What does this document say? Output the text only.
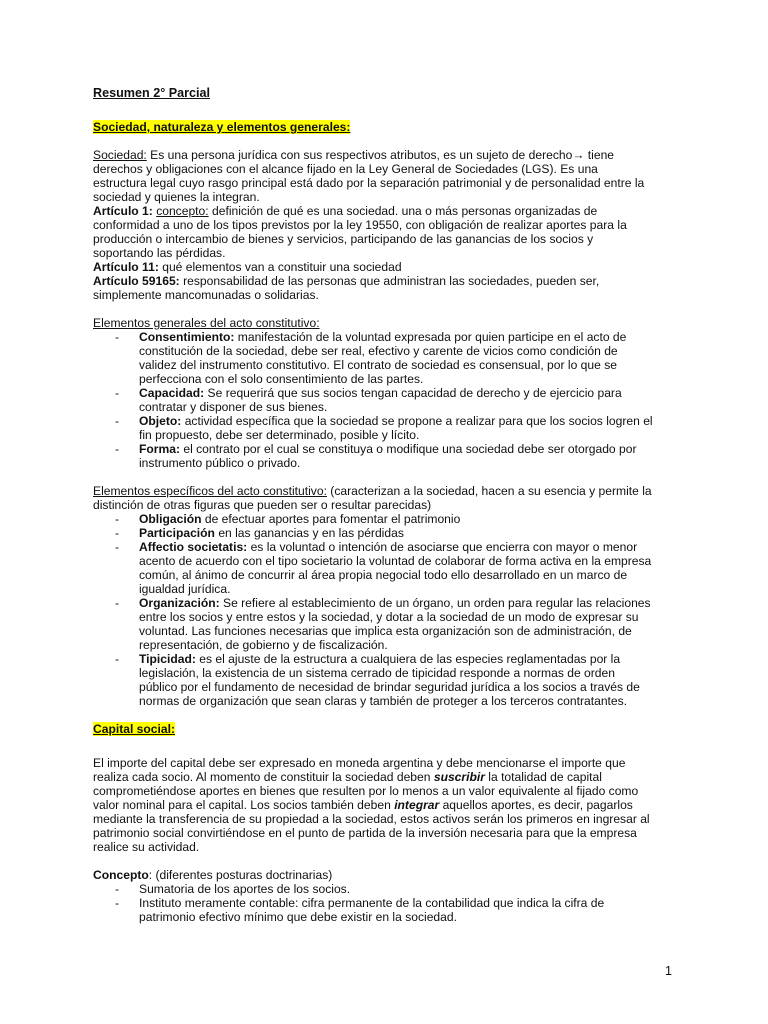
Resumen 2° Parcial

Sociedad, naturaleza y elementos generales:

Sociedad: Es una persona jurídica con sus respectivos atributos, es un sujeto de derecho→ tiene derechos y obligaciones con el alcance fijado en la Ley General de Sociedades (LGS). Es una estructura legal cuyo rasgo principal está dado por la separación patrimonial y de personalidad entre la sociedad y quienes la integran.

Artículo 1: concepto: definición de qué es una sociedad. una o más personas organizadas de conformidad a uno de los tipos previstos por la ley 19550, con obligación de realizar aportes para la producción o intercambio de bienes y servicios, participando de las ganancias de los socios y soportando las pérdidas.

Artículo 11: qué elementos van a constituir una sociedad

Artículo 59165: responsabilidad de las personas que administran las sociedades, pueden ser, simplemente mancomunadas o solidarias.

Elementos generales del acto constitutivo:

- Consentimiento: manifestación de la voluntad expresada por quien participe en el acto de constitución de la sociedad, debe ser real, efectivo y carente de vicios como condición de validez del instrumento constitutivo. El contrato de sociedad es consensual, por lo que se perfecciona con el solo consentimiento de las partes.
- Capacidad: Se requerirá que sus socios tengan capacidad de derecho y de ejercicio para contratar y disponer de sus bienes.
- Objeto: actividad específica que la sociedad se propone a realizar para que los socios logren el fin propuesto, debe ser determinado, posible y lícito.
- Forma: el contrato por el cual se constituya o modifique una sociedad debe ser otorgado por instrumento público o privado.

Elementos específicos del acto constitutivo: (caracterizan a la sociedad, hacen a su esencia y permite la distinción de otras figuras que pueden ser o resultar parecidas)

- Obligación de efectuar aportes para fomentar el patrimonio
- Participación en las ganancias y en las pérdidas
- Affectio societatis: es la voluntad o intención de asociarse que encierra con mayor o menor acento de acuerdo con el tipo societario la voluntad de colaborar de forma activa en la empresa común, al ánimo de concurrir al área propia negocial todo ello desarrollado en un marco de igualdad jurídica.
- Organización: Se refiere al establecimiento de un órgano, un orden para regular las relaciones entre los socios y entre estos y la sociedad, y dotar a la sociedad de un modo de expresar su voluntad. Las funciones necesarias que implica esta organización son de administración, de representación, de gobierno y de fiscalización.
- Tipicidad: es el ajuste de la estructura a cualquiera de las especies reglamentadas por la legislación, la existencia de un sistema cerrado de tipicidad responde a normas de orden público por el fundamento de necesidad de brindar seguridad jurídica a los socios a través de normas de organización que sean claras y también de proteger a los terceros contratantes.

Capital social:

El importe del capital debe ser expresado en moneda argentina y debe mencionarse el importe que realiza cada socio. Al momento de constituir la sociedad deben suscribir la totalidad de capital comprometiéndose aportes en bienes que resulten por lo menos a un valor equivalente al fijado como valor nominal para el capital. Los socios también deben integrar aquellos aportes, es decir, pagarlos mediante la transferencia de su propiedad a la sociedad, estos activos serán los primeros en ingresar al patrimonio social convirtiéndose en el punto de partida de la inversión necesaria para que la empresa realice su actividad.

Concepto: (diferentes posturas doctrinarias)

- Sumatoria de los aportes de los socios.
- Instituto meramente contable: cifra permanente de la contabilidad que indica la cifra de patrimonio efectivo mínimo que debe existir en la sociedad.
1
